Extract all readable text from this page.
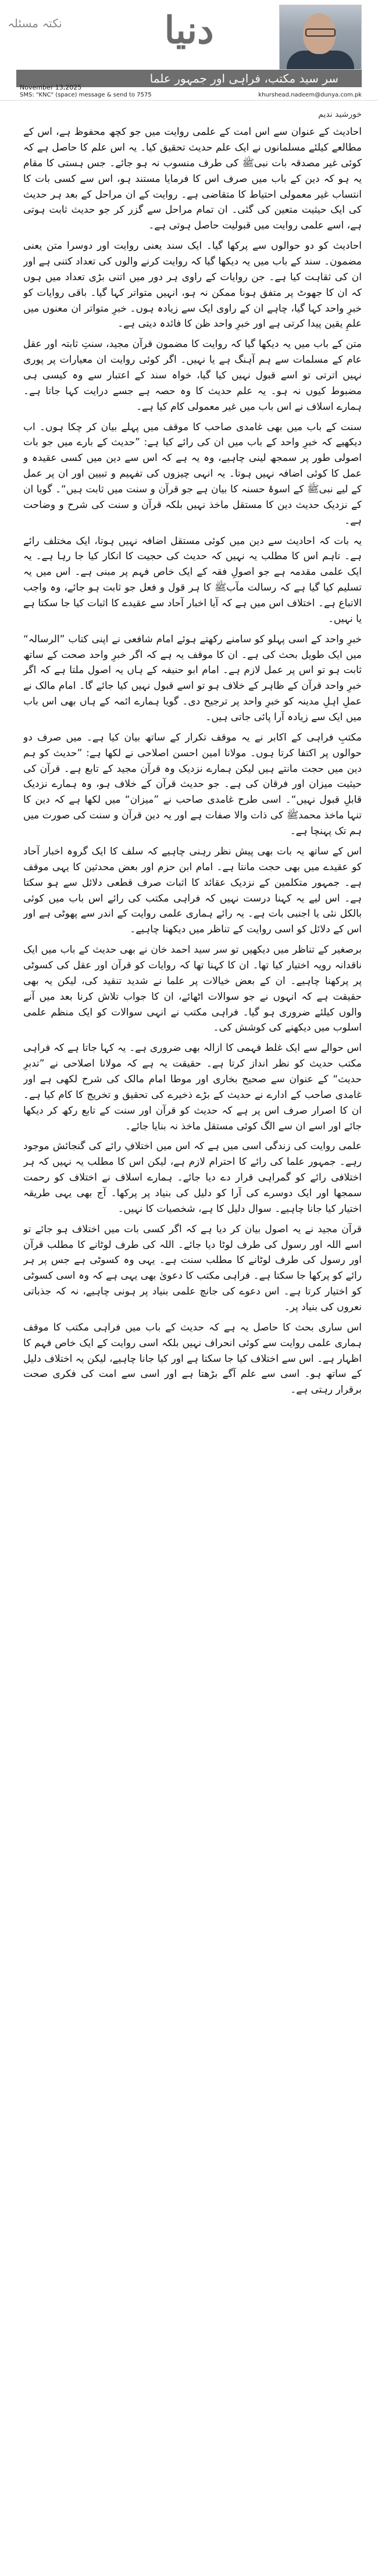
دنیا
نکتہ مسئلہ
سر سید مکتب، فراہی اور جمہور علما
November 13,2025
SMS: "KNC" (space) message & send to 7575	khurshead.nadeem@dunya.com.pk
خورشید ندیم

احادیث کے عنوان سے اس امت کے علمی روایت میں جو کچھ محفوظ ہے، اس کے مطالعے کیلئے مسلمانوں نے ایک علم حدیث تحقیق کیا۔ یہ اس علم کا حاصل ہے کہ کوئی غیر مصدقہ بات نبیﷺ کی طرف منسوب نہ ہو جائے۔ جس ہستی کا مقام یہ ہو کہ دین کے باب میں صرف اس کا فرمایا مستند ہو، اس سے کسی بات کا انتساب غیر معمولی احتیاط کا متقاضی ہے۔ روایت کے ان مراحل کے بعد ہر حدیث کی ایک حیثیت متعین کی گئی۔ ان تمام مراحل سے گزر کر جو حدیث ثابت ہوتی ہے، اسے علمی روایت میں قبولیت حاصل ہوتی ہے۔

احادیث کو دو حوالوں سے پرکھا گیا۔ ایک سند یعنی روایت اور دوسرا متن یعنی مضمون۔ سند کے باب میں یہ دیکھا گیا کہ روایت کرنے والوں کی تعداد کتنی ہے اور ان کی ثقاہت کیا ہے۔ جن روایات کے راوی ہر دور میں اتنی بڑی تعداد میں ہوں کہ ان کا جھوٹ پر متفق ہونا ممکن نہ ہو، انہیں متواتر کہا گیا۔ باقی روایات کو خبرِ واحد کہا گیا، چاہے ان کے راوی ایک سے زیادہ ہوں۔ خبرِ متواتر ان معنوں میں علمِ یقین پیدا کرتی ہے اور خبرِ واحد ظن کا فائدہ دیتی ہے۔

متن کے باب میں یہ دیکھا گیا کہ روایت کا مضمون قرآن مجید، سنتِ ثابتہ اور عقل عام کے مسلمات سے ہم آہنگ ہے یا نہیں۔ اگر کوئی روایت ان معیارات پر پوری نہیں اترتی تو اسے قبول نہیں کیا گیا، خواہ سند کے اعتبار سے وہ کیسی ہی مضبوط کیوں نہ ہو۔ یہ علم حدیث کا وہ حصہ ہے جسے درایت کہا جاتا ہے۔ ہمارے اسلاف نے اس باب میں غیر معمولی کام کیا ہے۔

سنت کے باب میں بھی غامدی صاحب کا موقف میں پہلے بیان کر چکا ہوں۔ اب دیکھیے کہ خبرِ واحد کے باب میں ان کی رائے کیا ہے: ”حدیث کے بارے میں جو بات اصولی طور پر سمجھ لینی چاہیے، وہ یہ ہے کہ اس سے دین میں کسی عقیدہ و عمل کا کوئی اضافہ نہیں ہوتا۔ یہ انہی چیزوں کی تفہیم و تبیین اور ان پر عمل کے لیے نبیﷺ کے اسوۂ حسنہ کا بیان ہے جو قرآن و سنت میں ثابت ہیں“۔ گویا ان کے نزدیک حدیث دین کا مستقل ماخذ نہیں بلکہ قرآن و سنت کی شرح و وضاحت ہے۔

یہ بات کہ احادیث سے دین میں کوئی مستقل اضافہ نہیں ہوتا، ایک مختلف رائے ہے۔ تاہم اس کا مطلب یہ نہیں کہ حدیث کی حجیت کا انکار کیا جا رہا ہے۔ یہ ایک علمی مقدمہ ہے جو اصولِ فقہ کے ایک خاص فہم پر مبنی ہے۔ اس میں یہ تسلیم کیا گیا ہے کہ رسالت مآبﷺ کا ہر قول و فعل جو ثابت ہو جائے، وہ واجب الاتباع ہے۔ اختلاف اس میں ہے کہ آیا اخبار آحاد سے عقیدے کا اثبات کیا جا سکتا ہے یا نہیں۔

خبرِ واحد کے اسی پہلو کو سامنے رکھتے ہوئے امام شافعی نے اپنی کتاب ”الرسالہ“ میں ایک طویل بحث کی ہے۔ ان کا موقف یہ ہے کہ اگر خبرِ واحد صحت کے ساتھ ثابت ہو تو اس پر عمل لازم ہے۔ امام ابو حنیفہ کے ہاں یہ اصول ملتا ہے کہ اگر خبرِ واحد قرآن کے ظاہر کے خلاف ہو تو اسے قبول نہیں کیا جائے گا۔ امام مالک نے عملِ اہلِ مدینہ کو خبرِ واحد پر ترجیح دی۔ گویا ہمارے ائمہ کے ہاں بھی اس باب میں ایک سے زیادہ آرا پائی جاتی ہیں۔

مکتبِ فراہی کے اکابر نے یہ موقف تکرار کے ساتھ بیان کیا ہے۔ میں صرف دو حوالوں پر اکتفا کرتا ہوں۔ مولانا امین احسن اصلاحی نے لکھا ہے: ”حدیث کو ہم دین میں حجت مانتے ہیں لیکن ہمارے نزدیک وہ قرآن مجید کے تابع ہے۔ قرآن کی حیثیت میزان اور فرقان کی ہے۔ جو حدیث قرآن کے خلاف ہو، وہ ہمارے نزدیک قابلِ قبول نہیں“۔ اسی طرح غامدی صاحب نے ”میزان“ میں لکھا ہے کہ دین کا تنہا ماخذ محمدﷺ کی ذات والا صفات ہے اور یہ دین قرآن و سنت کی صورت میں ہم تک پہنچا ہے۔

اس کے ساتھ یہ بات بھی پیش نظر رہنی چاہیے کہ سلف کا ایک گروہ اخبار آحاد کو عقیدے میں بھی حجت مانتا ہے۔ امام ابن حزم اور بعض محدثین کا یہی موقف ہے۔ جمہور متکلمین کے نزدیک عقائد کا اثبات صرف قطعی دلائل سے ہو سکتا ہے۔ اس لیے یہ کہنا درست نہیں کہ فراہی مکتب کی رائے اس باب میں کوئی بالکل نئی یا اجنبی بات ہے۔ یہ رائے ہماری علمی روایت کے اندر سے پھوٹی ہے اور اس کے دلائل کو اسی روایت کے تناظر میں دیکھنا چاہیے۔

برصغیر کے تناظر میں دیکھیں تو سر سید احمد خان نے بھی حدیث کے باب میں ایک ناقدانہ رویہ اختیار کیا تھا۔ ان کا کہنا تھا کہ روایات کو قرآن اور عقل کی کسوٹی پر پرکھنا چاہیے۔ ان کے بعض خیالات پر علما نے شدید تنقید کی، لیکن یہ بھی حقیقت ہے کہ انہوں نے جو سوالات اٹھائے، ان کا جواب تلاش کرنا بعد میں آنے والوں کیلئے ضروری ہو گیا۔ فراہی مکتب نے انہی سوالات کو ایک منظم علمی اسلوب میں دیکھنے کی کوشش کی۔

اس حوالے سے ایک غلط فہمی کا ازالہ بھی ضروری ہے۔ یہ کہا جاتا ہے کہ فراہی مکتب حدیث کو نظر انداز کرتا ہے۔ حقیقت یہ ہے کہ مولانا اصلاحی نے ”تدبرِ حدیث“ کے عنوان سے صحیح بخاری اور موطا امام مالک کی شرح لکھی ہے اور غامدی صاحب کے ادارے نے حدیث کے بڑے ذخیرے کی تحقیق و تخریج کا کام کیا ہے۔ ان کا اصرار صرف اس پر ہے کہ حدیث کو قرآن اور سنت کے تابع رکھ کر دیکھا جائے اور اسے ان سے الگ کوئی مستقل ماخذ نہ بنایا جائے۔

علمی روایت کی زندگی اسی میں ہے کہ اس میں اختلافِ رائے کی گنجائش موجود رہے۔ جمہور علما کی رائے کا احترام لازم ہے، لیکن اس کا مطلب یہ نہیں کہ ہر اختلافی رائے کو گمراہی قرار دے دیا جائے۔ ہمارے اسلاف نے اختلاف کو رحمت سمجھا اور ایک دوسرے کی آرا کو دلیل کی بنیاد پر پرکھا۔ آج بھی یہی طریقہ اختیار کیا جانا چاہیے۔ سوال دلیل کا ہے، شخصیات کا نہیں۔

قرآن مجید نے یہ اصول بیان کر دیا ہے کہ اگر کسی بات میں اختلاف ہو جائے تو اسے اللہ اور رسول کی طرف لوٹا دیا جائے۔ اللہ کی طرف لوٹانے کا مطلب قرآن اور رسول کی طرف لوٹانے کا مطلب سنت ہے۔ یہی وہ کسوٹی ہے جس پر ہر رائے کو پرکھا جا سکتا ہے۔ فراہی مکتب کا دعویٰ بھی یہی ہے کہ وہ اسی کسوٹی کو اختیار کرتا ہے۔ اس دعوے کی جانچ علمی بنیاد پر ہونی چاہیے، نہ کہ جذباتی نعروں کی بنیاد پر۔

اس ساری بحث کا حاصل یہ ہے کہ حدیث کے باب میں فراہی مکتب کا موقف ہماری علمی روایت سے کوئی انحراف نہیں بلکہ اسی روایت کے ایک خاص فہم کا اظہار ہے۔ اس سے اختلاف کیا جا سکتا ہے اور کیا جانا چاہیے، لیکن یہ اختلاف دلیل کے ساتھ ہو۔ اسی سے علم آگے بڑھتا ہے اور اسی سے امت کی فکری صحت برقرار رہتی ہے۔
